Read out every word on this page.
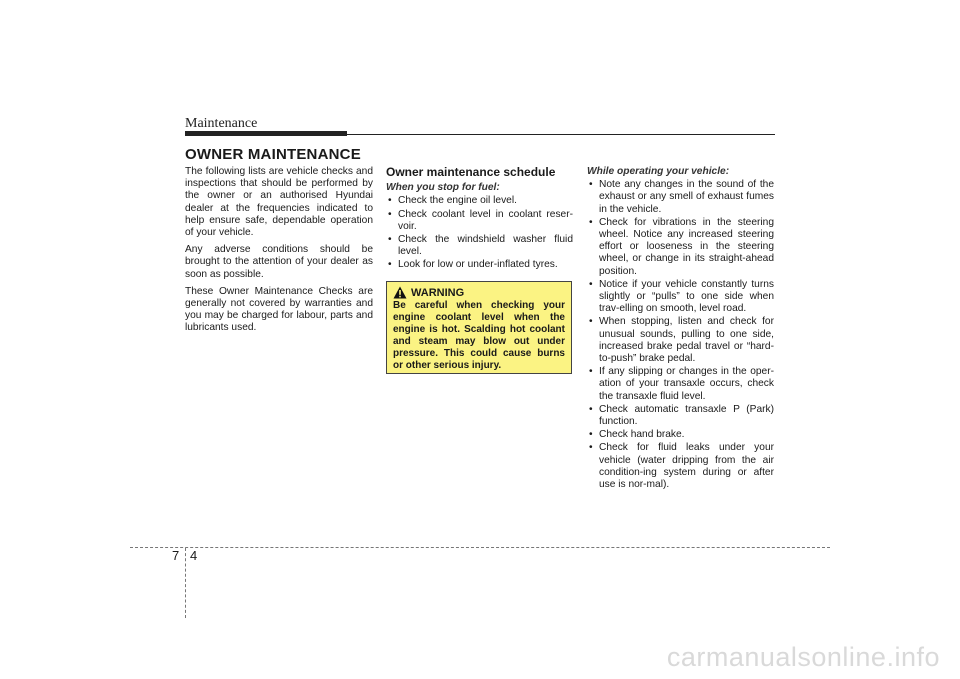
Maintenance
OWNER MAINTENANCE

The following lists are vehicle checks and inspections that should be performed by the owner or an authorised Hyundai dealer at the frequencies indicated to help ensure safe, dependable operation of your vehicle.

Any adverse conditions should be brought to the attention of your dealer as soon as possible.

These Owner Maintenance Checks are generally not covered by warranties and you may be charged for labour, parts and lubricants used.

Owner maintenance schedule
When you stop for fuel:
• Check the engine oil level.
• Check coolant level in coolant reser-voir.
• Check the windshield washer fluid level.
• Look for low or under-inflated tyres.
WARNING
Be careful when checking your engine coolant level when the engine is hot. Scalding hot coolant and steam may blow out under pressure. This could cause burns or other serious injury.
While operating your vehicle:
• Note any changes in the sound of the exhaust or any smell of exhaust fumes in the vehicle.
• Check for vibrations in the steering wheel. Notice any increased steering effort or looseness in the steering wheel, or change in its straight-ahead position.
• Notice if your vehicle constantly turns slightly or “pulls” to one side when trav-elling on smooth, level road.
• When stopping, listen and check for unusual sounds, pulling to one side, increased brake pedal travel or “hard-to-push” brake pedal.
• If any slipping or changes in the oper-ation of your transaxle occurs, check the transaxle fluid level.
• Check automatic transaxle P (Park) function.
• Check hand brake.
• Check for fluid leaks under your vehicle (water dripping from the air condition-ing system during or after use is nor-mal).
7 4
carmanualsonline.info
